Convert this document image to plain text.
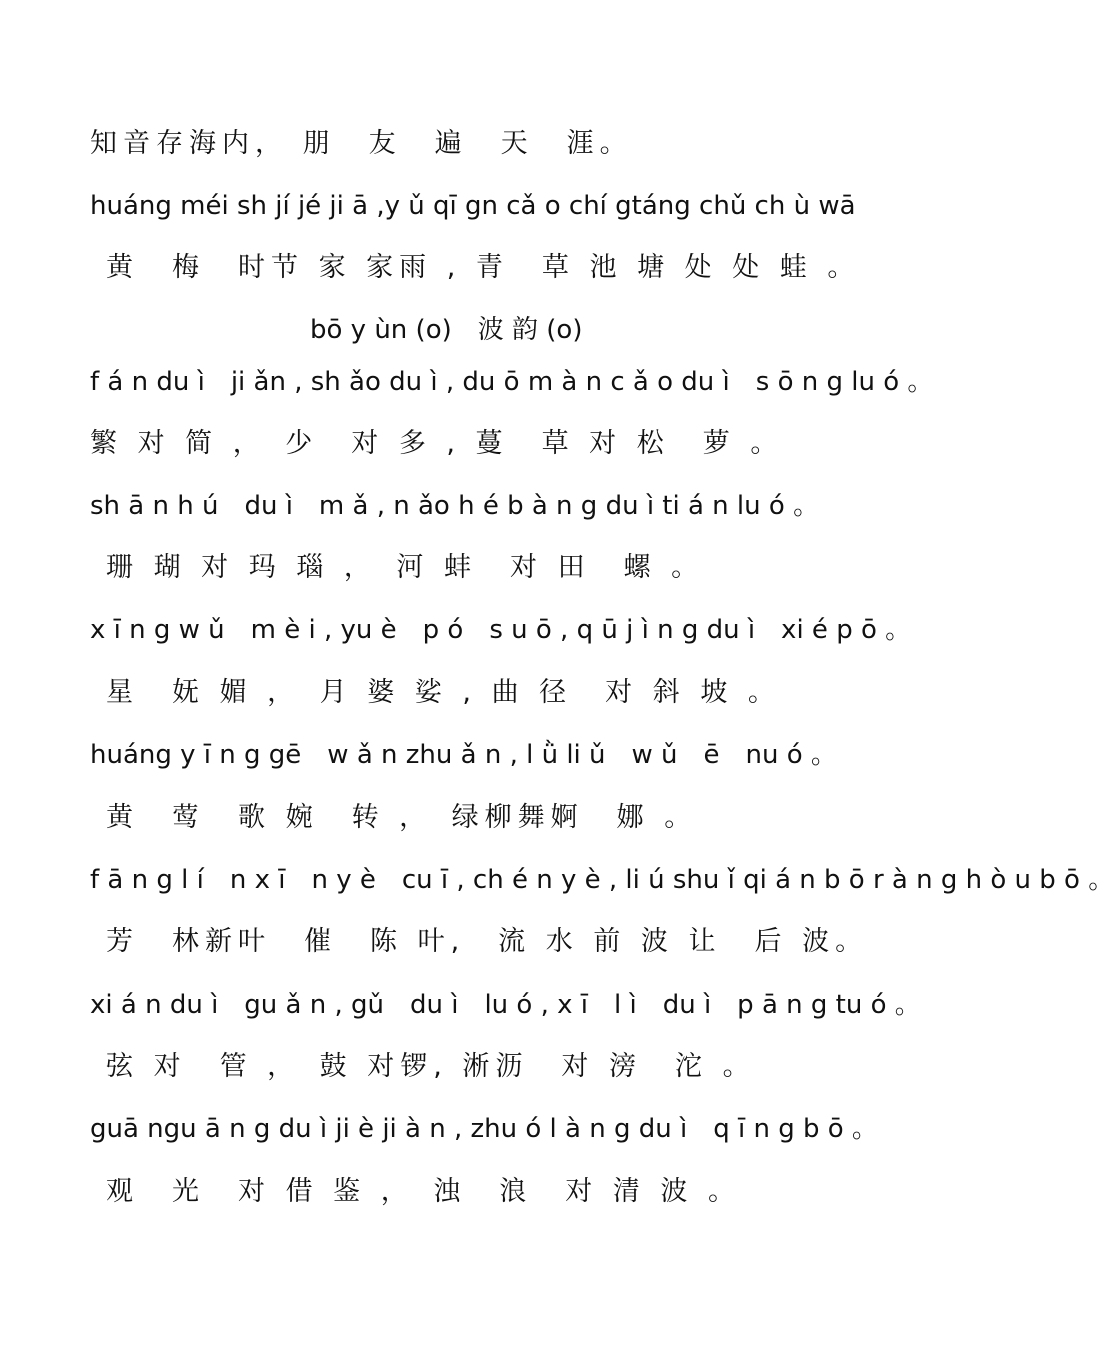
知音存海内， 朋　友　遍　天　涯。
huáng méi sh jí jé ji ā ,y ǔ qī gn cǎ o chí gtáng chǔ ch ù wā
黄　梅　时节 家 家雨 , 青　草 池 塘 处 处 蛙 。
bō y ùn (o)　波 韵 (o)
f á n du ì　ji ǎn , sh ǎo du ì , du ō m à n c ǎ o du ì　s ō n g lu ó 。
繁 对 简 ，　少　对 多 , 蔓　草 对 松　萝 。
sh ā n h ú　du ì　m ǎ , n ǎo h é b à n g du ì ti á n lu ó 。
珊 瑚 对 玛 瑙 ，　河 蚌　对 田　螺 。
x ī n g w ǔ　m è i , yu è　p ó　s u ō , q ū j ì n g du ì　xi é p ō 。
星　妩 媚 ，　月 婆 娑 , 曲 径　对 斜 坡 。
huáng y ī n g gē　w ǎ n zhu ǎ n , l ǜ li ǔ　w ǔ　ē　nu ó 。
黄　莺　歌 婉　转 ，　绿柳舞婀　娜 。
f ā n g l í　n x ī　n y è　cu ī , ch é n y è , li ú shu ǐ qi á n b ō r à n g h ò u b ō 。
芳　林新叶　催　陈 叶,　流 水 前 波 让　后 波。
xi á n du ì　gu ǎ n , gǔ　du ì　lu ó , x ī　l ì　du ì　p ā n g tu ó 。
弦 对　管 ，　鼓 对锣, 淅沥　对 滂　沱 。
guā ngu ā n g du ì ji è ji à n , zhu ó l à n g du ì　q ī n g b ō 。
观　光　对 借 鉴 ，　浊　浪　对 清 波 。
